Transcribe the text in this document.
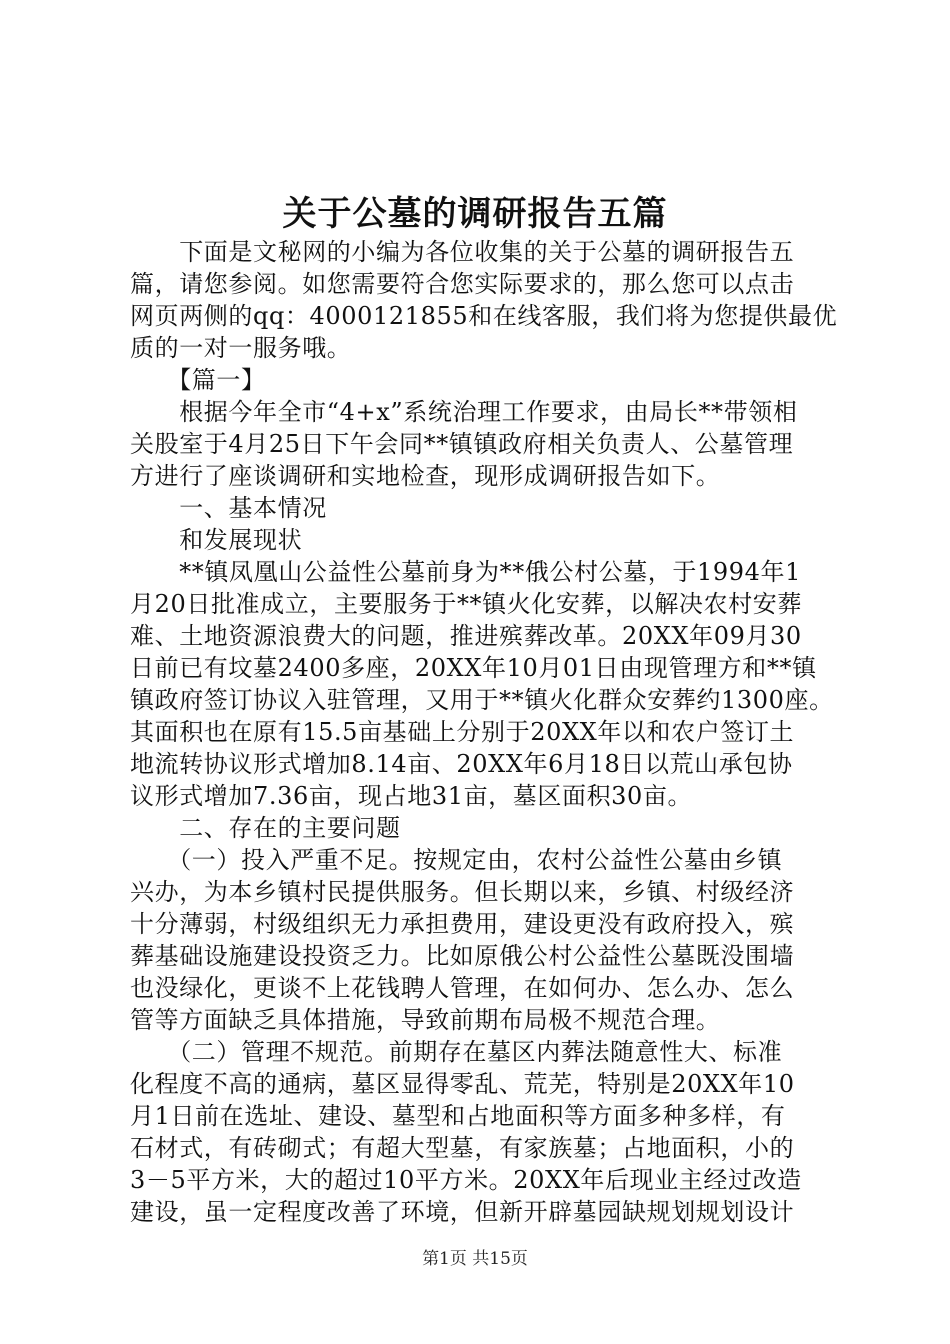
关于公墓的调研报告五篇
　　下面是文秘网的小编为各位收集的关于公墓的调研报告五
篇，请您参阅。如您需要符合您实际要求的，那么您可以点击
网页两侧的qq：4000121855和在线客服，我们将为您提供最优
质的一对一服务哦。
　　【篇一】
　　根据今年全市“4+x”系统治理工作要求，由局长**带领相
关股室于4月25日下午会同**镇镇政府相关负责人、公墓管理
方进行了座谈调研和实地检查，现形成调研报告如下。
　　一、基本情况
　　和发展现状
　　**镇凤凰山公益性公墓前身为**俄公村公墓，于1994年1
月20日批准成立，主要服务于**镇火化安葬，以解决农村安葬
难、土地资源浪费大的问题，推进殡葬改革。20XX年09月30
日前已有坟墓2400多座，20XX年10月01日由现管理方和**镇
镇政府签订协议入驻管理，又用于**镇火化群众安葬约1300座。
其面积也在原有15.5亩基础上分别于20XX年以和农户签订土
地流转协议形式增加8.14亩、20XX年6月18日以荒山承包协
议形式增加7.36亩，现占地31亩，墓区面积30亩。
　　二、存在的主要问题
　　（一）投入严重不足。按规定由，农村公益性公墓由乡镇
兴办，为本乡镇村民提供服务。但长期以来，乡镇、村级经济
十分薄弱，村级组织无力承担费用，建设更没有政府投入，殡
葬基础设施建设投资乏力。比如原俄公村公益性公墓既没围墙
也没绿化，更谈不上花钱聘人管理，在如何办、怎么办、怎么
管等方面缺乏具体措施，导致前期布局极不规范合理。
　　（二）管理不规范。前期存在墓区内葬法随意性大、标准
化程度不高的通病，墓区显得零乱、荒芜，特别是20XX年10
月1日前在选址、建设、墓型和占地面积等方面多种多样，有
石材式，有砖砌式；有超大型墓，有家族墓；占地面积，小的
3－5平方米，大的超过10平方米。20XX年后现业主经过改造
建设，虽一定程度改善了环境，但新开辟墓园缺规划规划设计
第1页 共15页
